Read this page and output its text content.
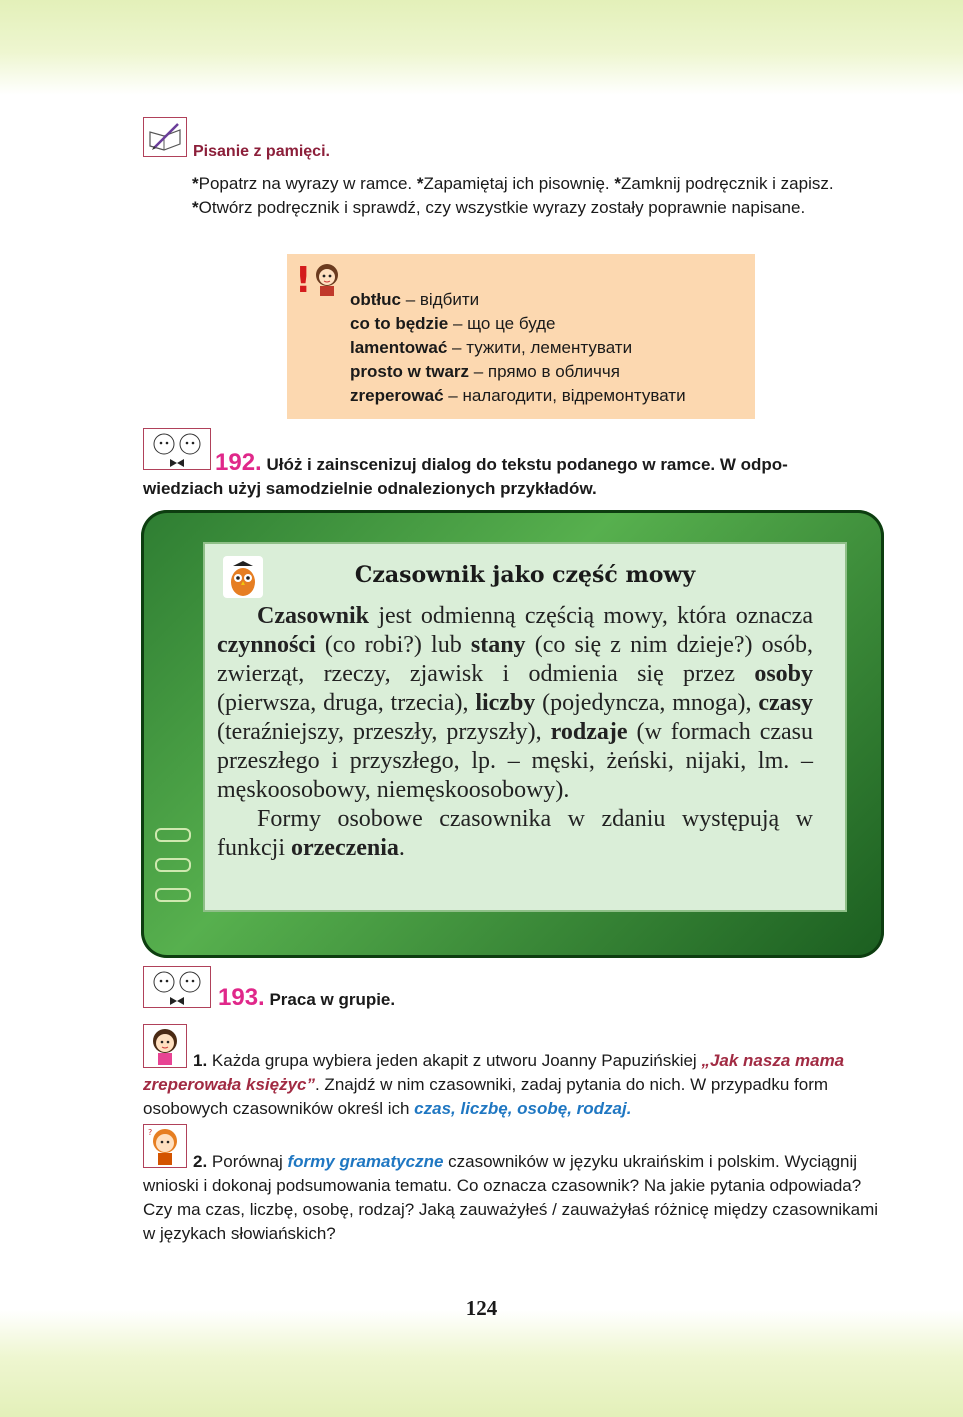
Pisanie z pamięci.
*Popatrz na wyrazy w ramce. *Zapamiętaj ich pisownię. *Zamknij podręcznik i zapisz. *Otwórz podręcznik i sprawdź, czy wszystkie wyrazy zostały poprawnie napisane.
! obtłuc – відбити
co to będzie – що це буде
lamentować – тужити, лементувати
prosto w twarz – прямо в обличчя
zreperować – налагодити, відремонтувати
192. Ułóż i zainscenizuj dialog do tekstu podanego w ramce. W odpo-
wiedziach użyj samodzielnie odnalezionych przykładów.
Czasownik jako część mowy

Czasownik jest odmienną częścią mowy, która oznacza czynności (co robi?) lub stany (co się z nim dzieje?) osób, zwierząt, rzeczy, zjawisk i odmienia się przez osoby (pierwsza, druga, trzecia), liczby (pojedyncza, mnoga), czasy (teraźniejszy, przeszły, przyszły), rodzaje (w formach czasu przeszłego i przyszłego, lp. – męski, żeński, nijaki, lm. – męskoosobowy, niemęskoosobowy).

Formy osobowe czasownika w zdaniu występują w funkcji orzeczenia.

193. Praca w grupie.
1. Każda grupa wybiera jeden akapit z utworu Joanny Papuzińskiej „Jak nasza mama zreperowała księżyc”. Znajdź w nim czasowniki, zadaj pytania do nich. W przypadku form osobowych czasowników określ ich czas, liczbę, osobę, rodzaj.
?
2. Porównaj formy gramatyczne czasowników w języku ukraińskim i polskim. Wyciągnij wnioski i dokonaj podsumowania tematu. Co oznacza czasownik? Na jakie pytania odpowiada? Czy ma czas, liczbę, osobę, rodzaj? Jaką zauważyłeś / zauważyłaś różnicę między czasownikami w językach słowiańskich?
124
